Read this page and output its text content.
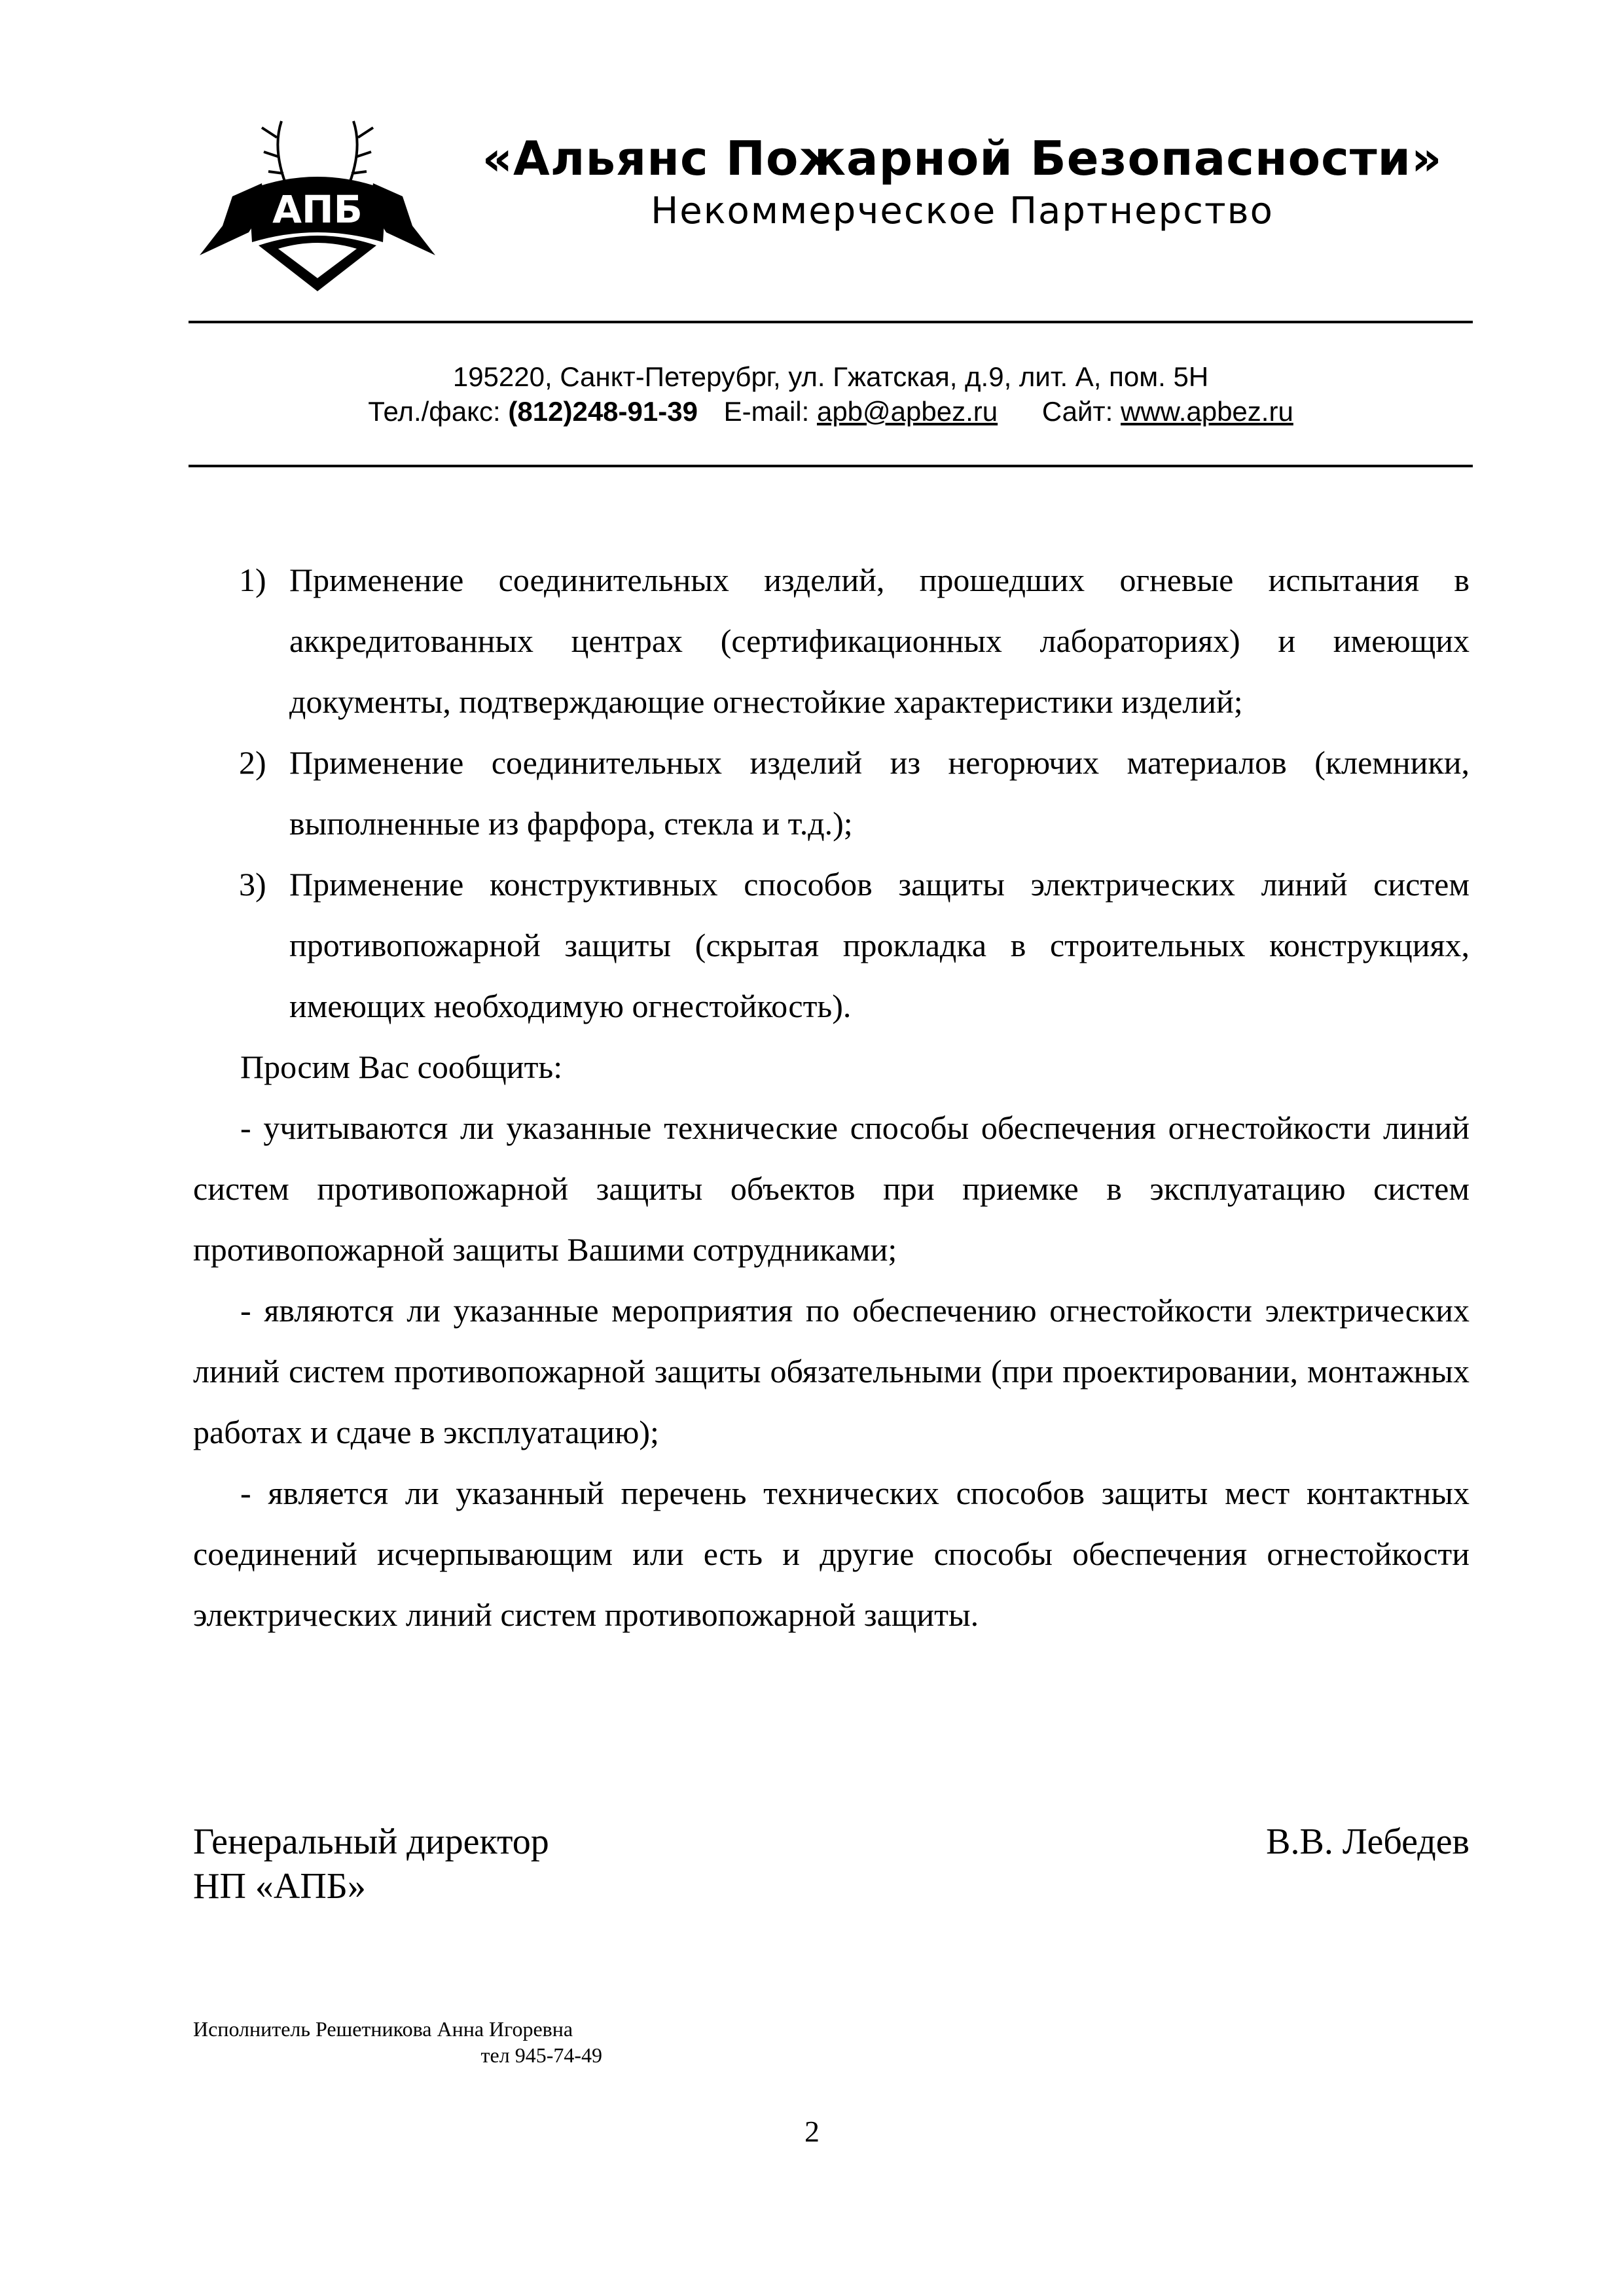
АПБ
«Альянс Пожарной Безопасности»
Некоммерческое Партнерство
195220, Санкт-Петерубрг, ул. Гжатская, д.9, лит. А, пом. 5Н
Тел./факс: (812)248-91-39 E-mail: apb@apbez.ru Сайт: www.apbez.ru
1) Применение соединительных изделий, прошедших огневые испытания в аккредитованных центрах (сертификационных лабораториях) и имеющих документы, подтверждающие огнестойкие характеристики изделий;
2) Применение соединительных изделий из негорючих материалов (клемники, выполненные из фарфора, стекла и т.д.);
3) Применение конструктивных способов защиты электрических линий систем противопожарной защиты (скрытая прокладка в строительных конструкциях, имеющих необходимую огнестойкость).
Просим Вас сообщить:
- учитываются ли указанные технические способы обеспечения огнестойкости линий систем противопожарной защиты объектов при приемке в эксплуатацию систем противопожарной защиты Вашими сотрудниками;
- являются ли указанные мероприятия по обеспечению огнестойкости электрических линий систем противопожарной защиты обязательными (при проектировании, монтажных работах и сдаче в эксплуатацию);
- является ли указанный перечень технических способов защиты мест контактных соединений исчерпывающим или есть и другие способы обеспечения огнестойкости электрических линий систем противопожарной защиты.
Генеральный директор
НП «АПБ»
В.В. Лебедев
Исполнитель Решетникова Анна Игоревна
тел 945-74-49
2
